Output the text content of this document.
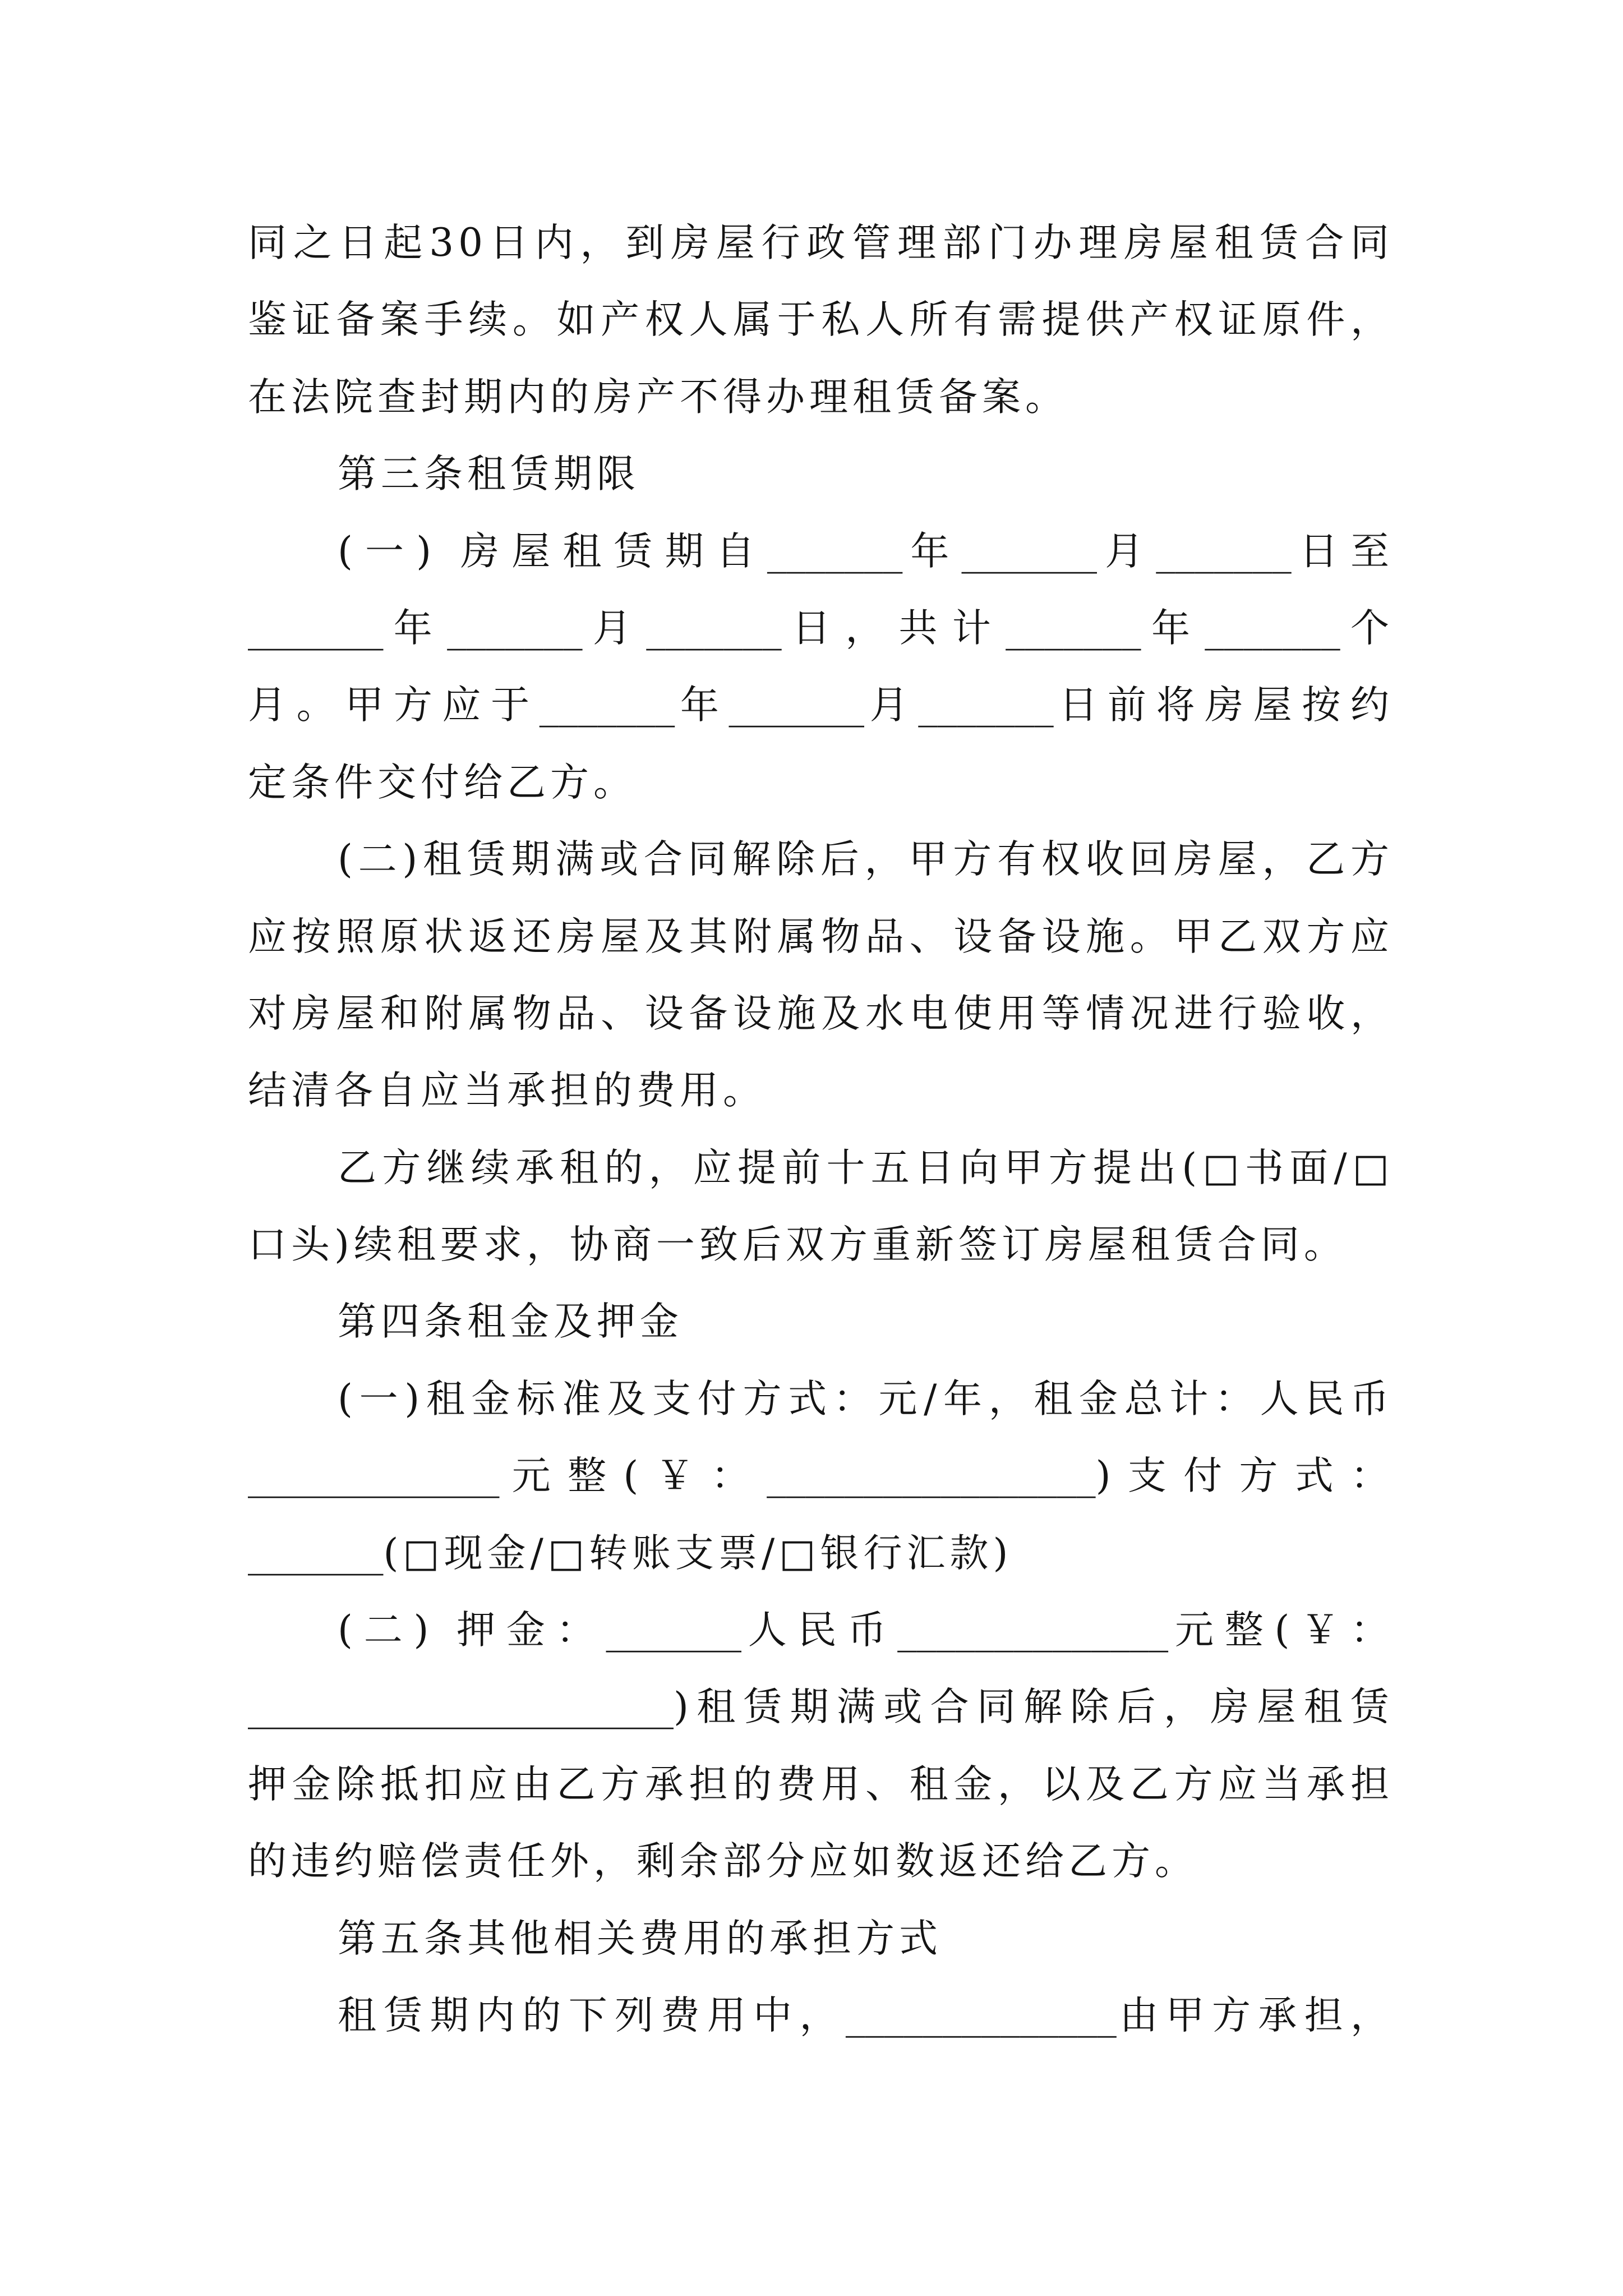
同之日起30日内，到房屋行政管理部门办理房屋租赁合同
鉴证备案手续。如产权人属于私人所有需提供产权证原件，
在法院查封期内的房产不得办理租赁备案。
第三条租赁期限
(一) 房屋租赁期自_______年_______月_______日至
_______年_______月_______日，共计_______年_______个
月。甲方应于_______年_______月_______日前将房屋按约
定条件交付给乙方。
(二)租赁期满或合同解除后，甲方有权收回房屋，乙方
应按照原状返还房屋及其附属物品、设备设施。甲乙双方应
对房屋和附属物品、设备设施及水电使用等情况进行验收，
结清各自应当承担的费用。
乙方继续承租的，应提前十五日向甲方提出(□书面/□
口头)续租要求，协商一致后双方重新签订房屋租赁合同。
第四条租金及押金
(一)租金标准及支付方式：元/年，租金总计：人民币
_____________元整(￥：_________________)支付方式：
_______(□现金/□转账支票/□银行汇款)
(二) 押金：_______人民币______________元整(￥：
______________________)租赁期满或合同解除后，房屋租赁
押金除抵扣应由乙方承担的费用、租金，以及乙方应当承担
的违约赔偿责任外，剩余部分应如数返还给乙方。
第五条其他相关费用的承担方式
租赁期内的下列费用中，______________由甲方承担，
